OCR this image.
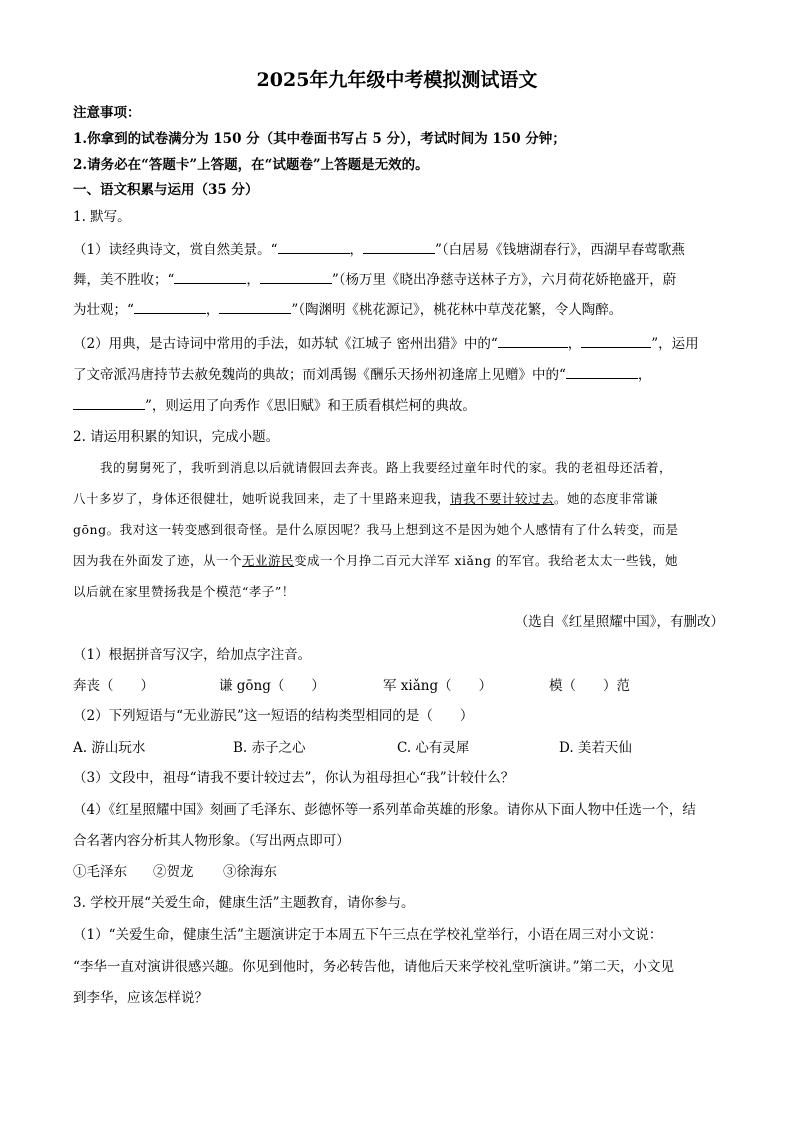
2025年九年级中考模拟测试语文
注意事项：
1.你拿到的试卷满分为 150 分（其中卷面书写占 5 分），考试时间为 150 分钟；
2.请务必在“答题卡”上答题，在“试题卷”上答题是无效的。
一、语文积累与运用（35 分）
1. 默写。
（1）读经典诗文，赏自然美景。“	，	”（白居易《钱塘湖春行》，西湖早春莺歌燕
舞，美不胜收；“	，	”（杨万里《晓出净慈寺送林子方》，六月荷花娇艳盛开，蔚
为壮观；“	，	”（陶渊明《桃花源记》，桃花林中草茂花繁，令人陶醉。
（2）用典，是古诗词中常用的手法，如苏轼《江城子 密州出猎》中的“	，	”，运用
了文帝派冯唐持节去赦免魏尚的典故；而刘禹锡《酬乐天扬州初逢席上见赠》中的“	，
”，则运用了向秀作《思旧赋》和王质看棋烂柯的典故。
2. 请运用积累的知识，完成小题。
我的舅舅死了，我听到消息以后就请假回去奔丧。路上我要经过童年时代的家。我的老祖母还活着，
八十多岁了，身体还很健壮，她听说我回来，走了十里路来迎我，请我不要计较过去。她的态度非常谦
gōng。我对这一转变感到很奇怪。是什么原因呢？我马上想到这不是因为她个人感情有了什么转变，而是
因为我在外面发了迹，从一个无业游民变成一个月挣二百元大洋军 xiǎng 的军官。我给老太太一些钱，她
以后就在家里赞扬我是个模范“孝子”！
（选自《红星照耀中国》，有删改）
（1）根据拼音写汉字，给加点字注音。
奔丧（　　）	谦 gōng（　　）	军 xiǎng（　　）	模（　　）范
（2）下列短语与“无业游民”这一短语的结构类型相同的是（　　）
A. 游山玩水	B. 赤子之心	C. 心有灵犀	D. 美若天仙
（3）文段中，祖母“请我不要计较过去”，你认为祖母担心“我”计较什么？
（4）《红星照耀中国》刻画了毛泽东、彭德怀等一系列革命英雄的形象。请你从下面人物中任选一个，结
合名著内容分析其人物形象。（写出两点即可）
①毛泽东 ②贺龙 ③徐海东
3. 学校开展“关爱生命，健康生活”主题教育，请你参与。
（1）“关爱生命，健康生活”主题演讲定于本周五下午三点在学校礼堂举行，小语在周三对小文说：
“李华一直对演讲很感兴趣。你见到他时，务必转告他，请他后天来学校礼堂听演讲。”第二天，小文见
到李华，应该怎样说？
